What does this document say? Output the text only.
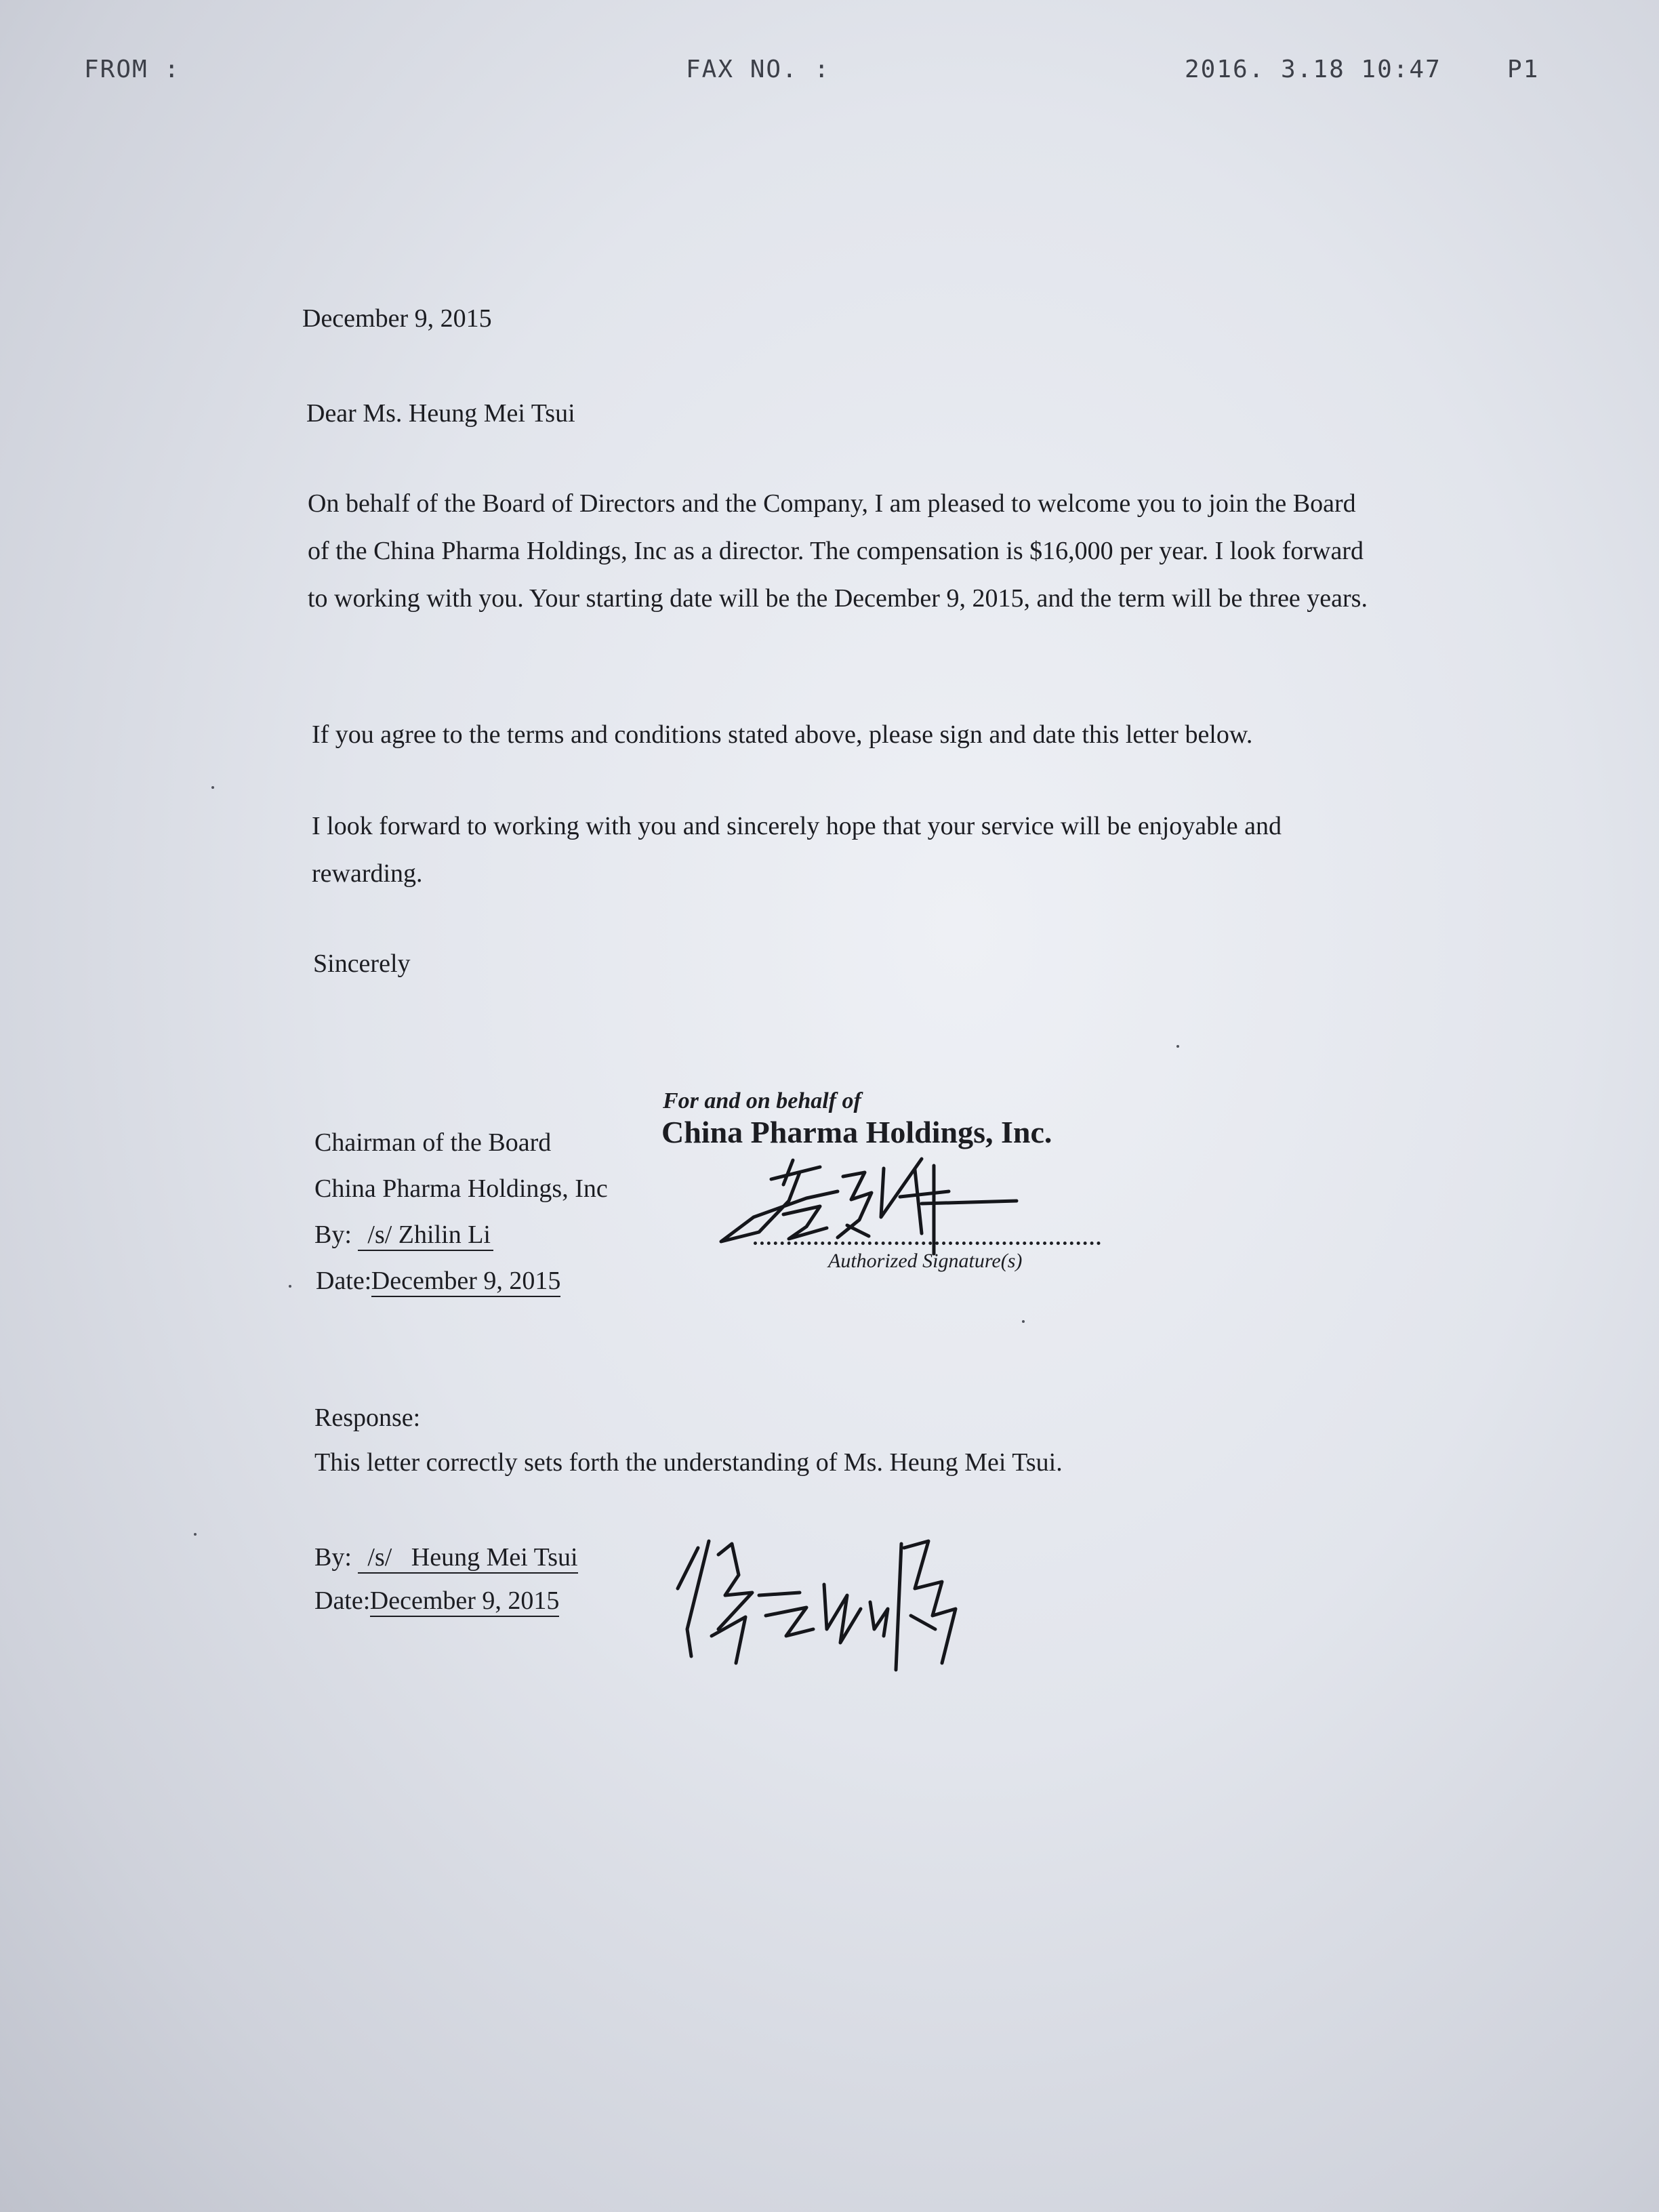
FROM :	FAX NO. :	2016. 3.18 10:47	P1
December 9, 2015
Dear Ms. Heung Mei Tsui
On behalf of the Board of Directors and the Company, I am pleased to welcome you to join the Board
of the China Pharma Holdings, Inc as a director. The compensation is $16,000 per year. I look forward
to working with you. Your starting date will be the December 9, 2015, and the term will be three years.
If you agree to the terms and conditions stated above, please sign and date this letter below.
I look forward to working with you and sincerely hope that your service will be enjoyable and
rewarding.
Sincerely
Chairman of the Board
China Pharma Holdings, Inc
By: /s/ Zhilin Li
Date: December 9, 2015
For and on behalf of
China Pharma Holdings, Inc.
Authorized Signature(s)
Response:
This letter correctly sets forth the understanding of Ms. Heung Mei Tsui.
By: /s/   Heung Mei Tsui
Date: December 9, 2015
